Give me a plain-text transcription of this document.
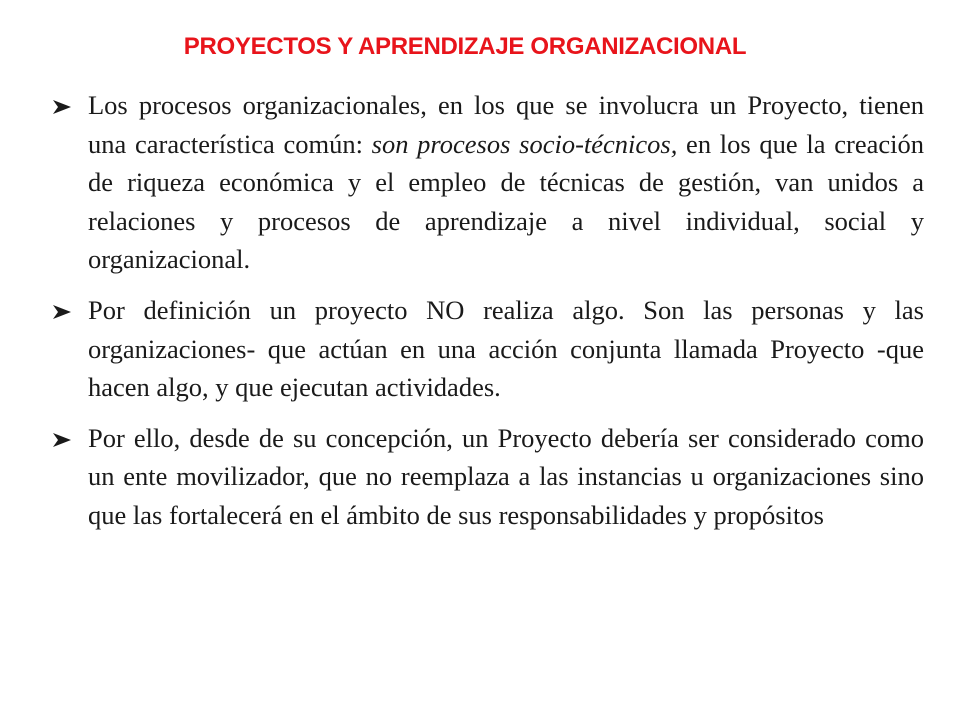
PROYECTOS Y APRENDIZAJE ORGANIZACIONAL
Los procesos organizacionales, en los que se involucra un Proyecto, tienen una característica común: son procesos socio-técnicos, en los que la creación de riqueza económica y el empleo de técnicas de gestión, van unidos a relaciones y procesos de aprendizaje a nivel individual, social y organizacional.
Por definición un proyecto NO realiza algo. Son las personas y las organizaciones- que actúan en una acción conjunta llamada Proyecto -que hacen algo, y que ejecutan actividades.
Por ello, desde de su concepción, un Proyecto debería ser considerado como un ente movilizador, que no reemplaza a las instancias u organizaciones sino que las fortalecerá en el ámbito de sus responsabilidades y propósitos
